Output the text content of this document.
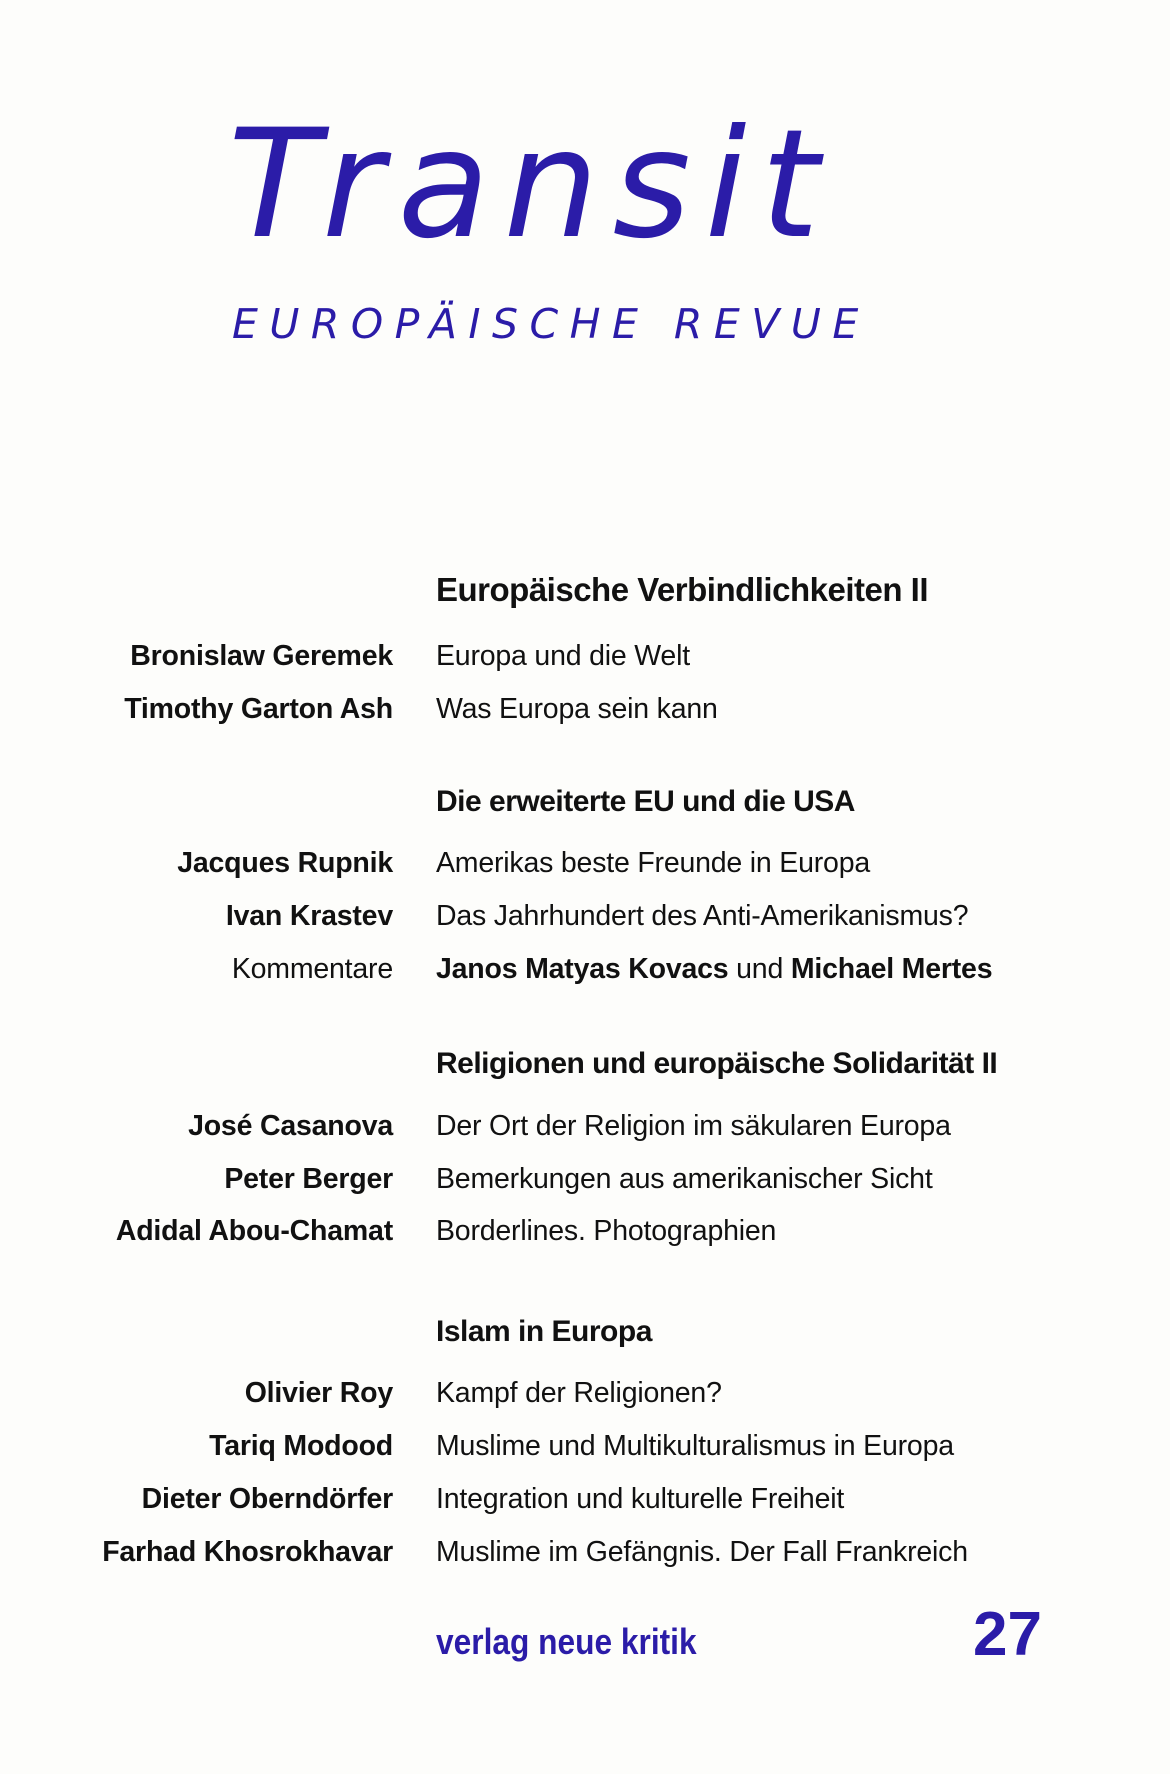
Transit
EUROPÄISCHE REVUE
Europäische Verbindlichkeiten II
Bronislaw Geremek Europa und die Welt
Timothy Garton Ash Was Europa sein kann
Die erweiterte EU und die USA
Jacques Rupnik Amerikas beste Freunde in Europa
Ivan Krastev Das Jahrhundert des Anti-Amerikanismus?
Kommentare Janos Matyas Kovacs und Michael Mertes
Religionen und europäische Solidarität II
José Casanova Der Ort der Religion im säkularen Europa
Peter Berger Bemerkungen aus amerikanischer Sicht
Adidal Abou-Chamat Borderlines. Photographien
Islam in Europa
Olivier Roy Kampf der Religionen?
Tariq Modood Muslime und Multikulturalismus in Europa
Dieter Oberndörfer Integration und kulturelle Freiheit
Farhad Khosrokhavar Muslime im Gefängnis. Der Fall Frankreich
verlag neue kritik	27
